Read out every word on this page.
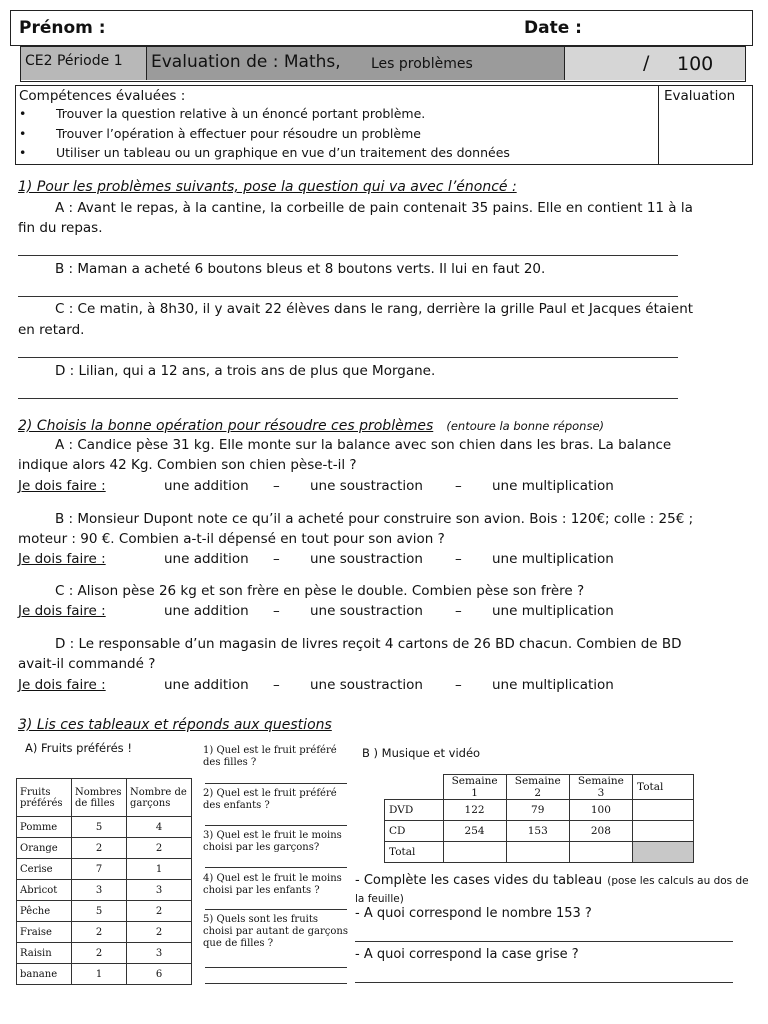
Prénom :	Date :
CE2 Période 1 Evaluation de : Maths, Les problèmes	/ 100
Compétences évaluées :	Evaluation
• Trouver la question relative à un énoncé portant problème.
• Trouver l’opération à effectuer pour résoudre un problème
• Utiliser un tableau ou un graphique en vue d’un traitement des données
1) Pour les problèmes suivants, pose la question qui va avec l’énoncé :
A : Avant le repas, à la cantine, la corbeille de pain contenait 35 pains. Elle en contient 11 à la
fin du repas.
B : Maman a acheté 6 boutons bleus et 8 boutons verts. Il lui en faut 20.
C : Ce matin, à 8h30, il y avait 22 élèves dans le rang, derrière la grille Paul et Jacques étaient
en retard.
D : Lilian, qui a 12 ans, a trois ans de plus que Morgane.
2) Choisis la bonne opération pour résoudre ces problèmes (entoure la bonne réponse)
A : Candice pèse 31 kg. Elle monte sur la balance avec son chien dans les bras. La balance
indique alors 42 Kg. Combien son chien pèse-t-il ?
Je dois faire :	une addition – une soustraction – une multiplication
B : Monsieur Dupont note ce qu’il a acheté pour construire son avion. Bois : 120€; colle : 25€ ;
moteur : 90 €. Combien a-t-il dépensé en tout pour son avion ?
Je dois faire :	une addition – une soustraction – une multiplication
C : Alison pèse 26 kg et son frère en pèse le double. Combien pèse son frère ?
Je dois faire :	une addition – une soustraction – une multiplication
D : Le responsable d’un magasin de livres reçoit 4 cartons de 26 BD chacun. Combien de BD
avait-il commandé ?
Je dois faire :	une addition – une soustraction – une multiplication
3) Lis ces tableaux et réponds aux questions
A) Fruits préférés !
Fruits préférés	Nombres de filles	Nombre de garçons
Pomme	5	4
Orange	2	2
Cerise	7	1
Abricot	3	3
Pêche	5	2
Fraise	2	2
Raisin	2	3
banane	1	6
1) Quel est le fruit préféré des filles ?
2) Quel est le fruit préféré des enfants ?
3) Quel est le fruit le moins choisi par les garçons?
4) Quel est le fruit le moins choisi par les enfants ?
5) Quels sont les fruits choisi par autant de garçons que de filles ?
B ) Musique et vidéo
	Semaine 1	Semaine 2	Semaine 3	Total
DVD	122	79	100	
CD	254	153	208	
Total				
- Complète les cases vides du tableau (pose les calculs au dos de la feuille)
- A quoi correspond le nombre 153 ?
- A quoi correspond la case grise ?
